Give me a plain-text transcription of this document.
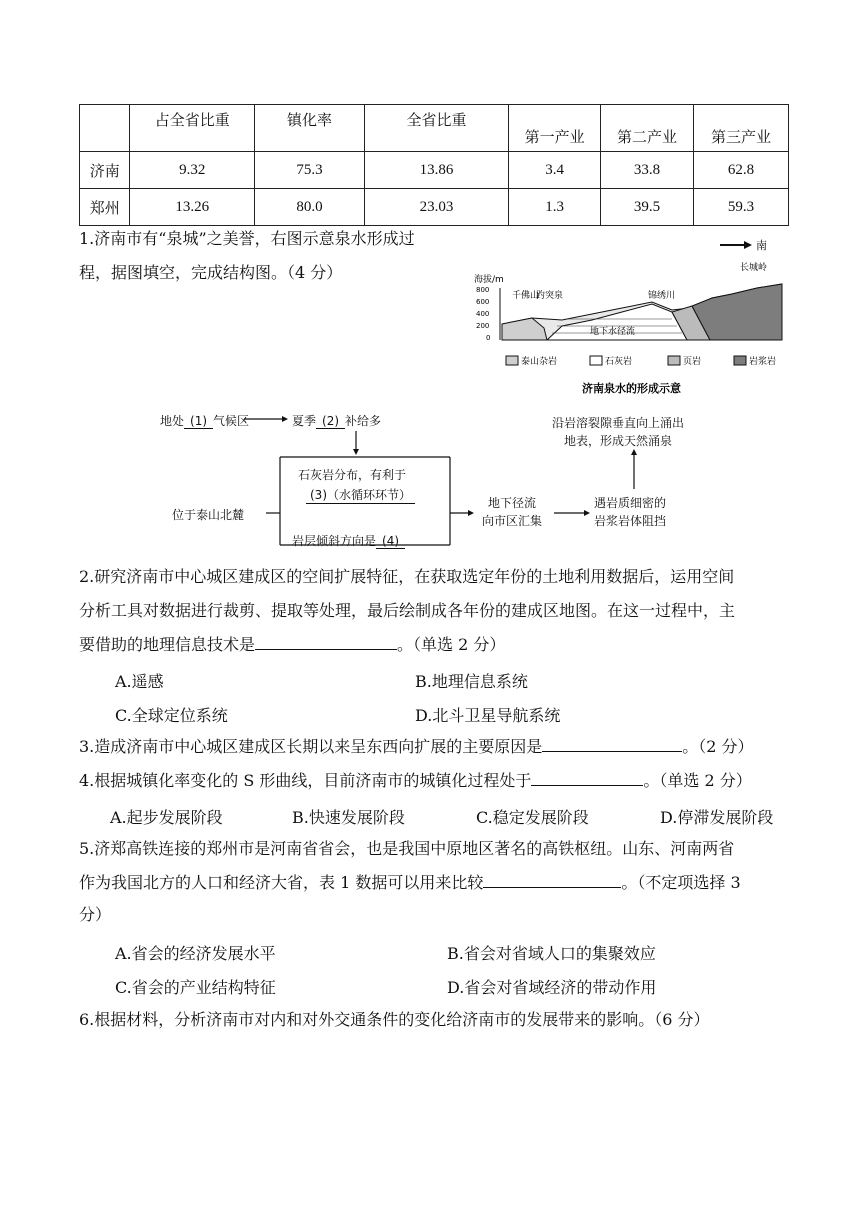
	占全省比重	镇化率	全省比重	第一产业	第二产业	第三产业
济南	9.32	75.3	13.86	3.4	33.8	62.8
郑州	13.26	80.0	23.03	1.3	39.5	59.3
1.济南市有“泉城”之美誉，右图示意泉水形成过
程，据图填空，完成结构图。（4 分）
南
海拔/m
800
600
400
200
0
地下水径流
千佛山
趵突泉	锦绣川
长城岭
泰山杂岩	石灰岩	页岩	岩浆岩
济南泉水的形成示意
地处 (1) 气候区	夏季 (2) 补给多
位于泰山北麓
石灰岩分布，有利于
(3)（水循环环节）
岩层倾斜方向是 (4)
地下径流
向市区汇集
遇岩质细密的
岩浆岩体阻挡
沿岩溶裂隙垂直向上涌出
地表，形成天然涌泉
2.研究济南市中心城区建成区的空间扩展特征，在获取选定年份的土地利用数据后，运用空间
分析工具对数据进行裁剪、提取等处理，最后绘制成各年份的建成区地图。在这一过程中，主
要借助的地理信息技术是	。（单选 2 分）
A.遥感	B.地理信息系统
C.全球定位系统	D.北斗卫星导航系统
3.造成济南市中心城区建成区长期以来呈东西向扩展的主要原因是	。（2 分）
4.根据城镇化率变化的 S 形曲线，目前济南市的城镇化过程处于	。（单选 2 分）
A.起步发展阶段	B.快速发展阶段	C.稳定发展阶段	D.停滞发展阶段
5.济郑高铁连接的郑州市是河南省省会，也是我国中原地区著名的高铁枢纽。山东、河南两省
作为我国北方的人口和经济大省，表 1 数据可以用来比较	。（不定项选择 3
分）
A.省会的经济发展水平	B.省会对省域人口的集聚效应
C.省会的产业结构特征	D.省会对省域经济的带动作用
6.根据材料，分析济南市对内和对外交通条件的变化给济南市的发展带来的影响。（6 分）
